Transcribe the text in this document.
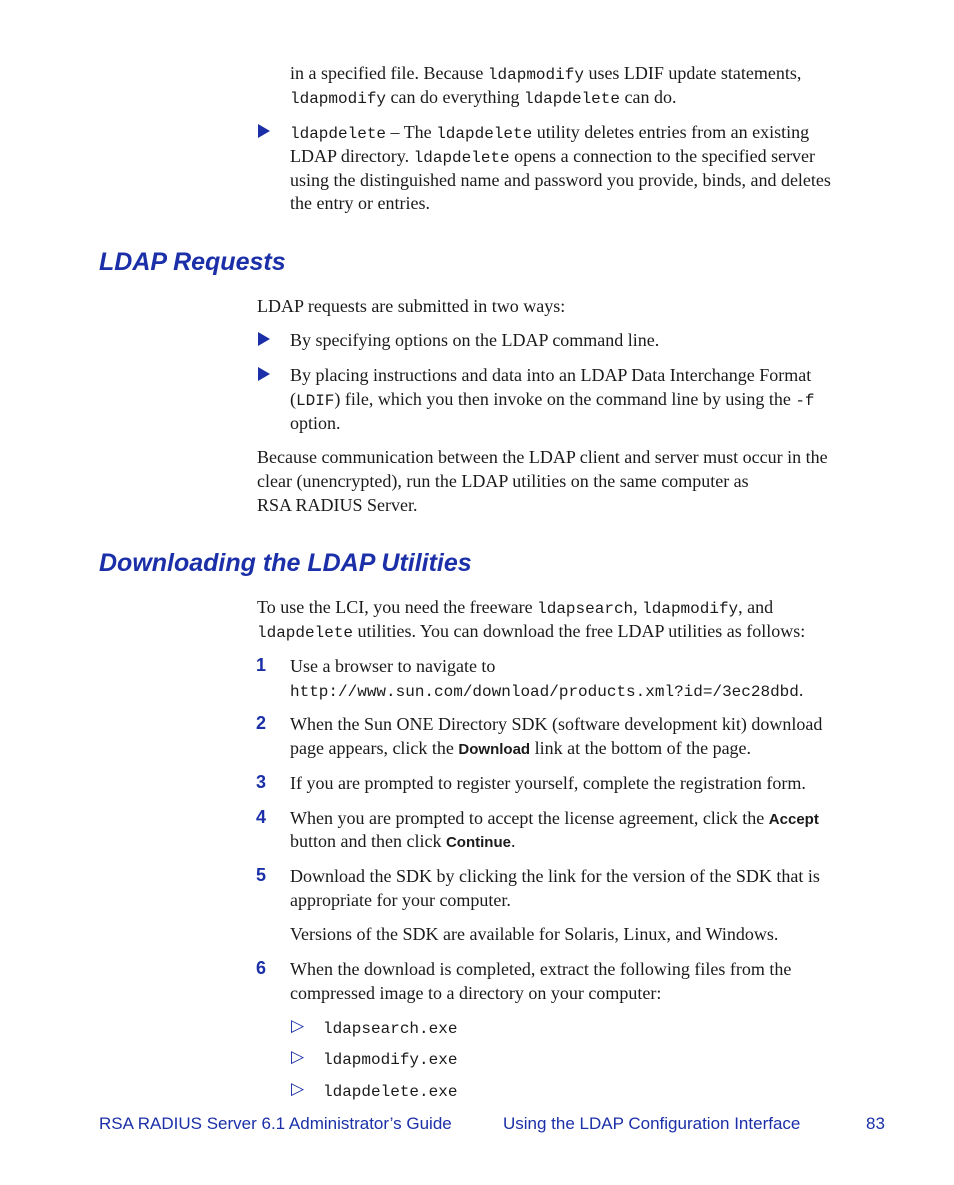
in a specified file. Because ldapmodify uses LDIF update statements,

ldapmodify can do everything ldapdelete can do.

ldapdelete – The ldapdelete utility deletes entries from an existing

LDAP directory. ldapdelete opens a connection to the specified server

using the distinguished name and password you provide, binds, and deletes

the entry or entries.

LDAP Requests

LDAP requests are submitted in two ways:

By specifying options on the LDAP command line.

By placing instructions and data into an LDAP Data Interchange Format

(LDIF) file, which you then invoke on the command line by using the -f

option.

Because communication between the LDAP client and server must occur in the

clear (unencrypted), run the LDAP utilities on the same computer as

RSA RADIUS Server.

Downloading the LDAP Utilities

To use the LCI, you need the freeware ldapsearch, ldapmodify, and

ldapdelete utilities. You can download the free LDAP utilities as follows:

1 Use a browser to navigate to

http://www.sun.com/download/products.xml?id=/3ec28dbd.

2 When the Sun ONE Directory SDK (software development kit) download

page appears, click the Download link at the bottom of the page.

3 If you are prompted to register yourself, complete the registration form.

4 When you are prompted to accept the license agreement, click the Accept

button and then click Continue.

5 Download the SDK by clicking the link for the version of the SDK that is

appropriate for your computer.

Versions of the SDK are available for Solaris, Linux, and Windows.

6 When the download is completed, extract the following files from the

compressed image to a directory on your computer:

▷ ldapsearch.exe

▷ ldapmodify.exe

▷ ldapdelete.exe

RSA RADIUS Server 6.1 Administrator’s Guide	Using the LDAP Configuration Interface	83
